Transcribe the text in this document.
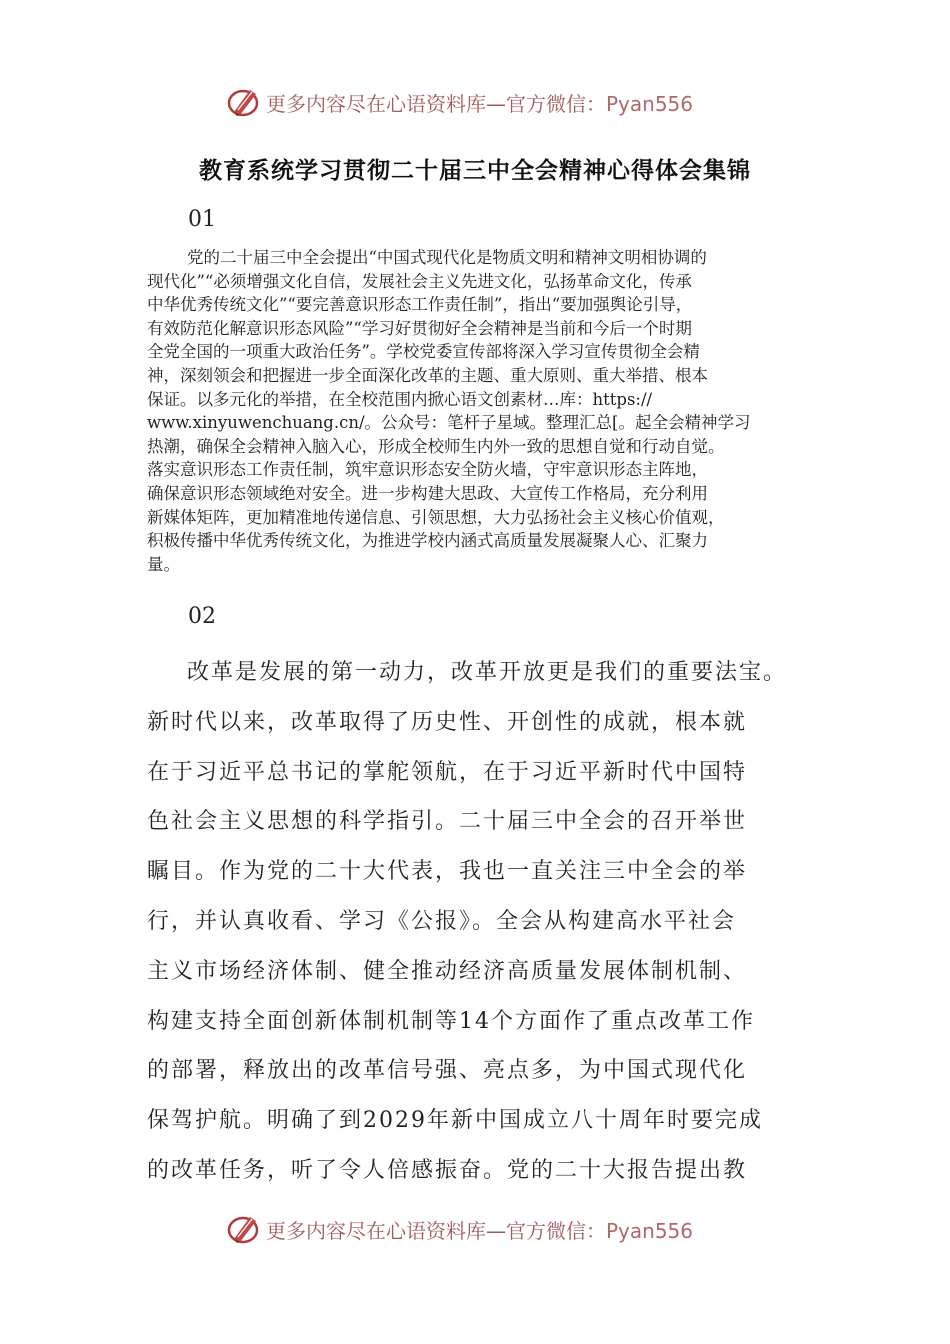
更多内容尽在心语资料库—官方微信：Pyan556
教育系统学习贯彻二十届三中全会精神心得体会集锦
01
党的二十届三中全会提出“中国式现代化是物质文明和精神文明相协调的
现代化”“必须增强文化自信，发展社会主义先进文化，弘扬革命文化，传承
中华优秀传统文化”“要完善意识形态工作责任制”，指出“要加强舆论引导，
有效防范化解意识形态风险”“学习好贯彻好全会精神是当前和今后一个时期
全党全国的一项重大政治任务”。学校党委宣传部将深入学习宣传贯彻全会精
神，深刻领会和把握进一步全面深化改革的主题、重大原则、重大举措、根本
保证。以多元化的举措，在全校范围内掀心语文创素材…库：https://
www.xinyuwenchuang.cn/。公众号：笔杆子星域。整理汇总[。起全会精神学习
热潮，确保全会精神入脑入心，形成全校师生内外一致的思想自觉和行动自觉。
落实意识形态工作责任制，筑牢意识形态安全防火墙，守牢意识形态主阵地，
确保意识形态领域绝对安全。进一步构建大思政、大宣传工作格局，充分利用
新媒体矩阵，更加精准地传递信息、引领思想，大力弘扬社会主义核心价值观，
积极传播中华优秀传统文化，为推进学校内涵式高质量发展凝聚人心、汇聚力
量。
02
改革是发展的第一动力，改革开放更是我们的重要法宝。
新时代以来，改革取得了历史性、开创性的成就，根本就
在于习近平总书记的掌舵领航，在于习近平新时代中国特
色社会主义思想的科学指引。二十届三中全会的召开举世
瞩目。作为党的二十大代表，我也一直关注三中全会的举
行，并认真收看、学习《公报》。全会从构建高水平社会
主义市场经济体制、健全推动经济高质量发展体制机制、
构建支持全面创新体制机制等14个方面作了重点改革工作
的部署，释放出的改革信号强、亮点多，为中国式现代化
保驾护航。明确了到2029年新中国成立八十周年时要完成
的改革任务，听了令人倍感振奋。党的二十大报告提出教
更多内容尽在心语资料库—官方微信：Pyan556
